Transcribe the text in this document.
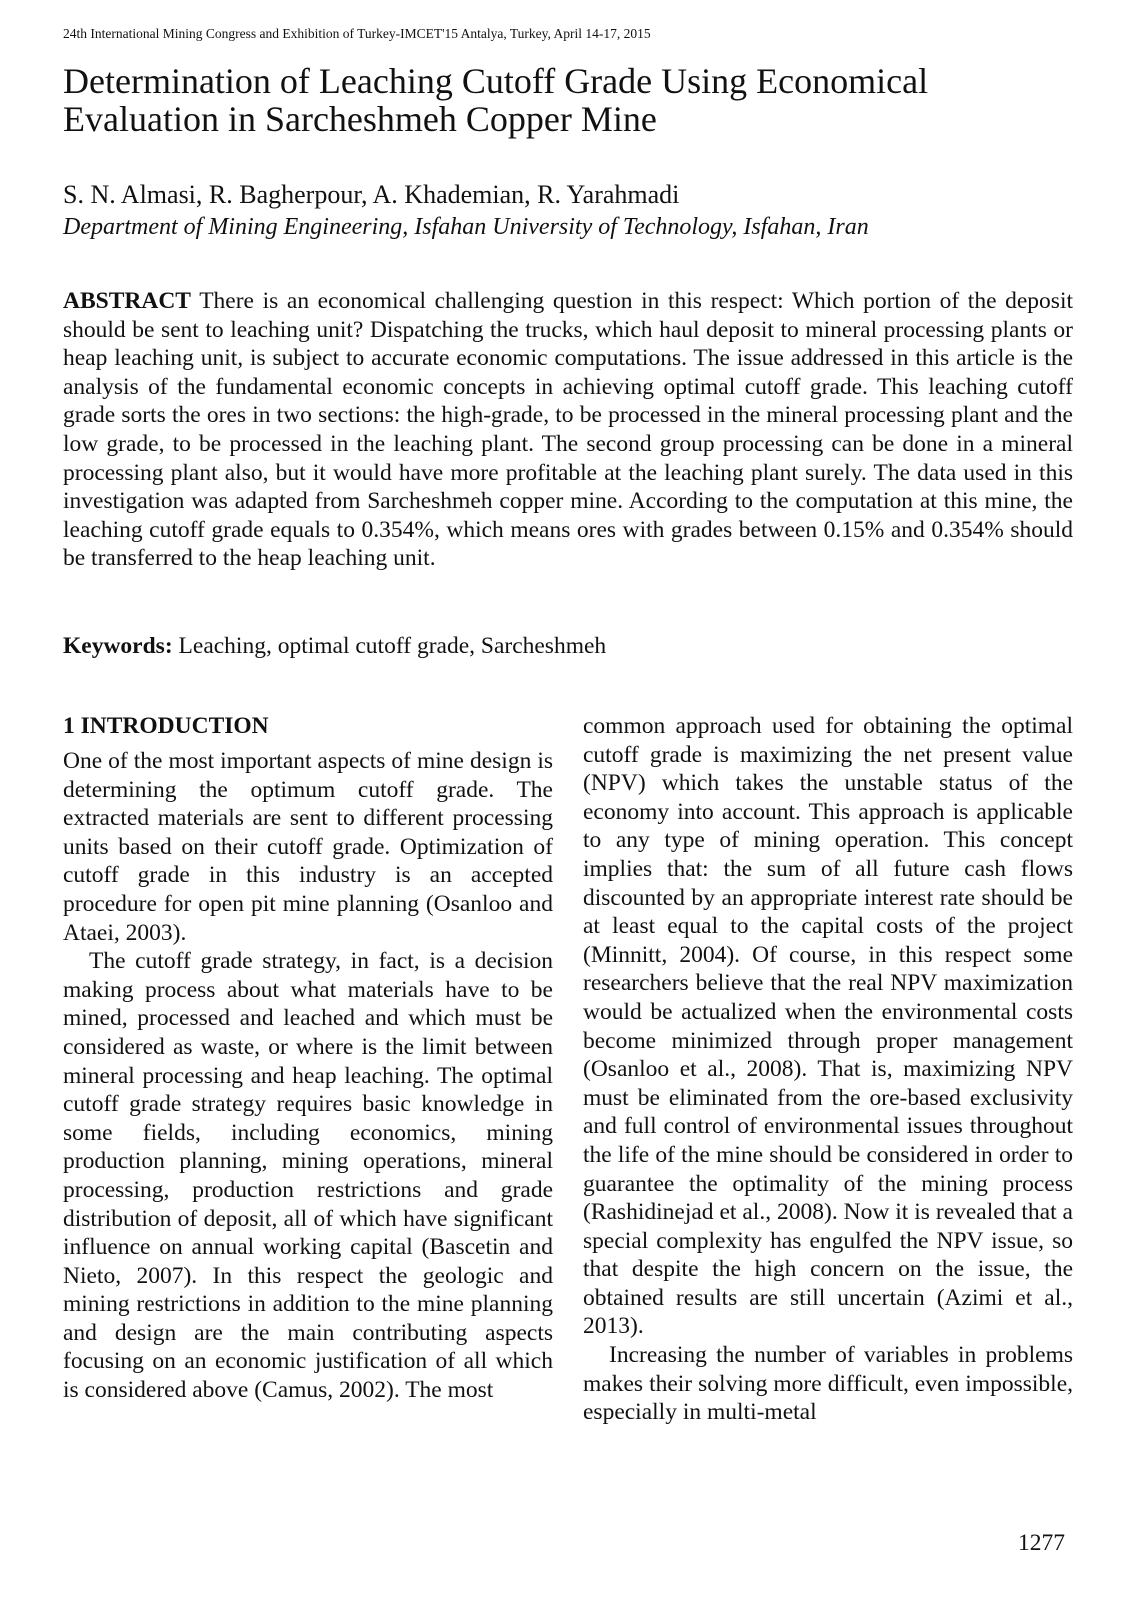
24th International Mining Congress and Exhibition of Turkey-IMCET'15 Antalya, Turkey, April 14-17, 2015
Determination of Leaching Cutoff Grade Using Economical
Evaluation in Sarcheshmeh Copper Mine
S. N. Almasi, R. Bagherpour, A. Khademian, R. Yarahmadi
Department of Mining Engineering, Isfahan University of Technology, Isfahan, Iran

ABSTRACT There is an economical challenging question in this respect: Which portion of the deposit should be sent to leaching unit? Dispatching the trucks, which haul deposit to mineral processing plants or heap leaching unit, is subject to accurate economic computations. The issue addressed in this article is the analysis of the fundamental economic concepts in achieving optimal cutoff grade. This leaching cutoff grade sorts the ores in two sections: the high-grade, to be processed in the mineral processing plant and the low grade, to be processed in the leaching plant. The second group processing can be done in a mineral processing plant also, but it would have more profitable at the leaching plant surely. The data used in this investigation was adapted from Sarcheshmeh copper mine. According to the computation at this mine, the leaching cutoff grade equals to 0.354%, which means ores with grades between 0.15% and 0.354% should be transferred to the heap leaching unit.

Keywords: Leaching, optimal cutoff grade, Sarcheshmeh
1 INTRODUCTION

One of the most important aspects of mine design is determining the optimum cutoff grade. The extracted materials are sent to different processing units based on their cutoff grade. Optimization of cutoff grade in this industry is an accepted procedure for open pit mine planning (Osanloo and Ataei, 2003).

The cutoff grade strategy, in fact, is a decision making process about what materials have to be mined, processed and leached and which must be considered as waste, or where is the limit between mineral processing and heap leaching. The optimal cutoff grade strategy requires basic knowledge in some fields, including economics, mining production planning, mining operations, mineral processing, production restrictions and grade distribution of deposit, all of which have significant influence on annual working capital (Bascetin and Nieto, 2007). In this respect the geologic and mining restrictions in addition to the mine planning and design are the main contributing aspects focusing on an economic justification of all which is considered above (Camus, 2002). The most

common approach used for obtaining the optimal cutoff grade is maximizing the net present value (NPV) which takes the unstable status of the economy into account. This approach is applicable to any type of mining operation. This concept implies that: the sum of all future cash flows discounted by an appropriate interest rate should be at least equal to the capital costs of the project (Minnitt, 2004). Of course, in this respect some researchers believe that the real NPV maximization would be actualized when the environmental costs become minimized through proper management (Osanloo et al., 2008). That is, maximizing NPV must be eliminated from the ore-based exclusivity and full control of environmental issues throughout the life of the mine should be considered in order to guarantee the optimality of the mining process (Rashidinejad et al., 2008). Now it is revealed that a special complexity has engulfed the NPV issue, so that despite the high concern on the issue, the obtained results are still uncertain (Azimi et al., 2013).

Increasing the number of variables in problems makes their solving more difficult, even impossible, especially in multi-metal

1277
